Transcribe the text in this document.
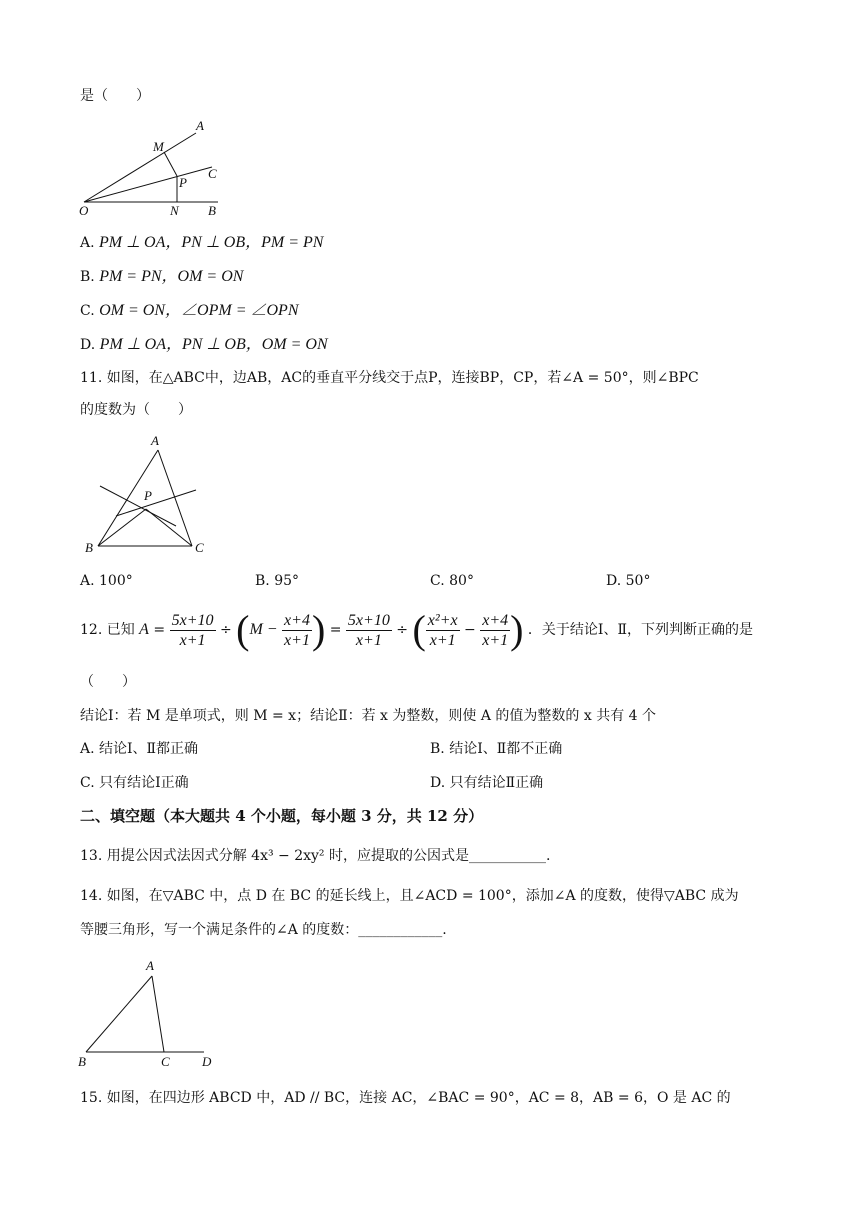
是（　　）
A
M
C
P
O	N B
A. PM ⊥ OA，PN ⊥ OB，PM = PN
B. PM = PN，OM = ON
C. OM = ON，∠OPM = ∠OPN
D. PM ⊥ OA，PN ⊥ OB，OM = ON
11. 如图，在△ABC中，边AB，AC的垂直平分线交于点P，连接BP，CP，若∠A = 50°，则∠BPC
的度数为（　　）
A
P
B	C
A. 100°	B. 95°	C. 80°	D. 50°
12. 已知 $A = \frac{5x+10}{x+1} \div (M - \frac{x+4}{x+1}$ ) = $\frac{5x+10}{x+1}$ ÷ ( $\frac{\text{x²+x}}{x+1} - \frac{x+4}{x+1}$ ) ．关于结论Ⅰ、Ⅱ，下列判断正确的是
（　　）
结论Ⅰ：若 M 是单项式，则 M = x；结论Ⅱ：若 x 为整数，则使 A 的值为整数的 x 共有 4 个
A. 结论Ⅰ、Ⅱ都正确	B. 结论Ⅰ、Ⅱ都不正确
C. 只有结论Ⅰ正确	D. 只有结论Ⅱ正确
二、填空题（本大题共 4 个小题，每小题 3 分，共 12 分）
13. 用提公因式法因式分解 4x³ − 2xy² 时，应提取的公因式是___________.
14. 如图，在▽ABC 中，点 D 在 BC 的延长线上，且∠ACD = 100°，添加∠A 的度数，使得▽ABC 成为
等腰三角形，写一个满足条件的∠A 的度数：____________.
A
B	C D
15. 如图，在四边形 ABCD 中，AD // BC，连接 AC，∠BAC = 90°，AC = 8，AB = 6，O 是 AC 的
